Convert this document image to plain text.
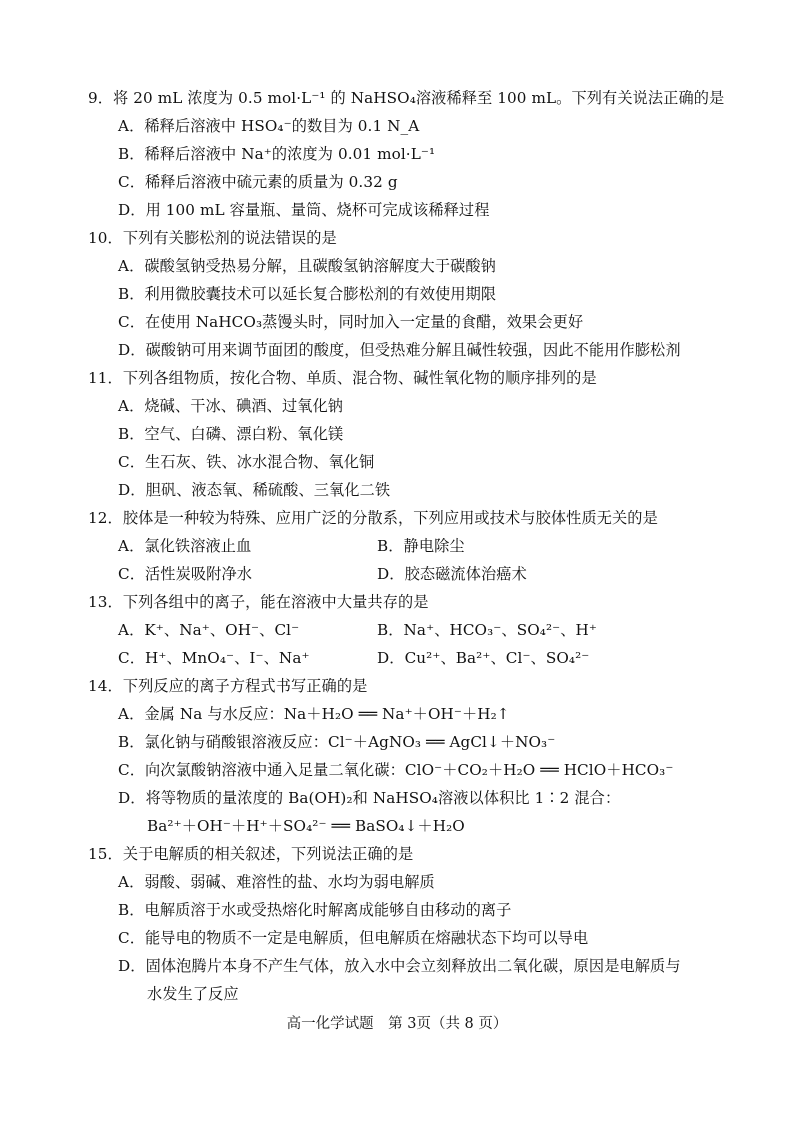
9．将 20 mL 浓度为 0.5 mol·L⁻¹ 的 NaHSO₄溶液稀释至 100 mL。下列有关说法正确的是
A．稀释后溶液中 HSO₄⁻的数目为 0.1 N_A
B．稀释后溶液中 Na⁺的浓度为 0.01 mol·L⁻¹
C．稀释后溶液中硫元素的质量为 0.32 g
D．用 100 mL 容量瓶、量筒、烧杯可完成该稀释过程
10．下列有关膨松剂的说法错误的是
A．碳酸氢钠受热易分解，且碳酸氢钠溶解度大于碳酸钠
B．利用微胶囊技术可以延长复合膨松剂的有效使用期限
C．在使用 NaHCO₃蒸馒头时，同时加入一定量的食醋，效果会更好
D．碳酸钠可用来调节面团的酸度，但受热难分解且碱性较强，因此不能用作膨松剂
11．下列各组物质，按化合物、单质、混合物、碱性氧化物的顺序排列的是
A．烧碱、干冰、碘酒、过氧化钠
B．空气、白磷、漂白粉、氧化镁
C．生石灰、铁、冰水混合物、氧化铜
D．胆矾、液态氧、稀硫酸、三氧化二铁
12．胶体是一种较为特殊、应用广泛的分散系，下列应用或技术与胶体性质无关的是
A．氯化铁溶液止血	B．静电除尘
C．活性炭吸附净水	D．胶态磁流体治癌术
13．下列各组中的离子，能在溶液中大量共存的是
A．K⁺、Na⁺、OH⁻、Cl⁻	B．Na⁺、HCO₃⁻、SO₄²⁻、H⁺
C．H⁺、MnO₄⁻、I⁻、Na⁺	D．Cu²⁺、Ba²⁺、Cl⁻、SO₄²⁻
14．下列反应的离子方程式书写正确的是
A．金属 Na 与水反应：Na＋H₂O ══ Na⁺＋OH⁻＋H₂↑
B．氯化钠与硝酸银溶液反应：Cl⁻＋AgNO₃ ══ AgCl↓＋NO₃⁻
C．向次氯酸钠溶液中通入足量二氧化碳：ClO⁻＋CO₂＋H₂O ══ HClO＋HCO₃⁻
D．将等物质的量浓度的 Ba(OH)₂和 NaHSO₄溶液以体积比 1∶2 混合：
Ba²⁺＋OH⁻＋H⁺＋SO₄²⁻ ══ BaSO₄↓＋H₂O
15．关于电解质的相关叙述，下列说法正确的是
A．弱酸、弱碱、难溶性的盐、水均为弱电解质
B．电解质溶于水或受热熔化时解离成能够自由移动的离子
C．能导电的物质不一定是电解质，但电解质在熔融状态下均可以导电
D．固体泡腾片本身不产生气体，放入水中会立刻释放出二氧化碳，原因是电解质与
水发生了反应
高一化学试题　第 3页（共 8 页）
